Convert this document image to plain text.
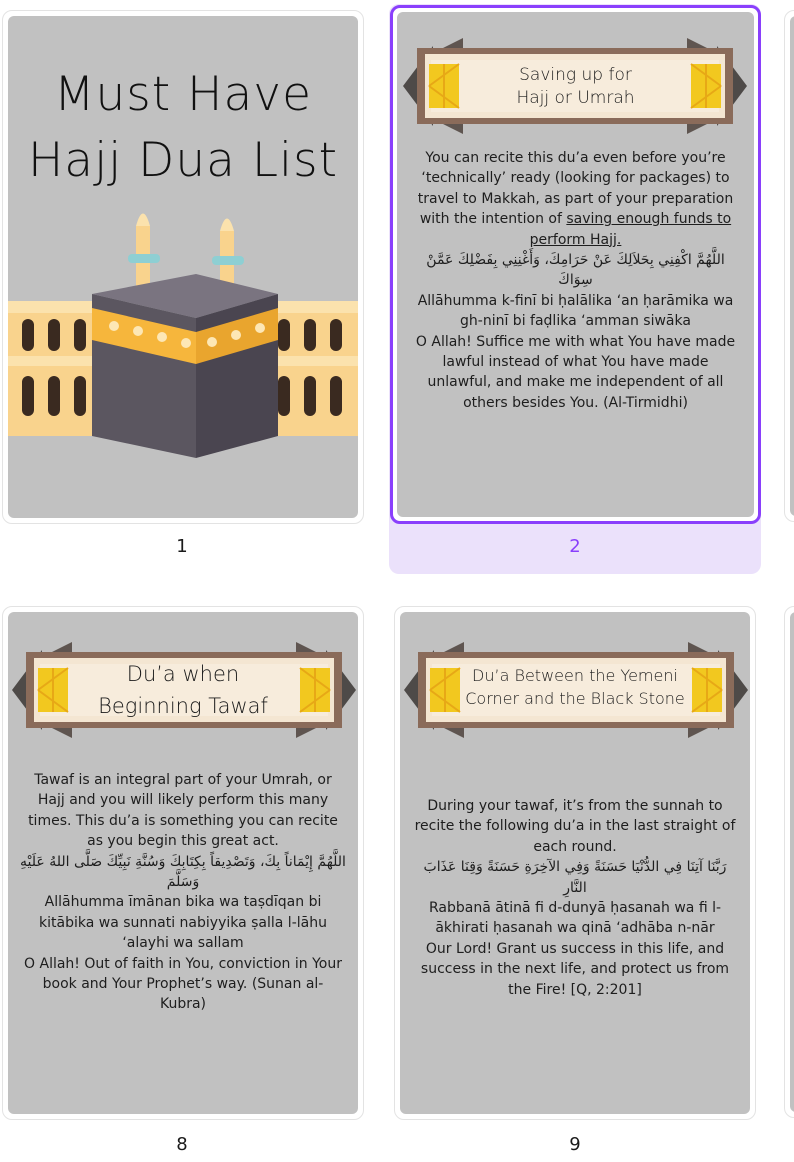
Must Have
Hajj Dua List
1
Saving up for
Hajj or Umrah

You can recite this du’a even before you’re ‘technically’ ready (looking for packages) to travel to Makkah, as part of your preparation with the intention of saving enough funds to perform Hajj.

اللَّهُمَّ اكْفِنِي بِحَلاَلِكَ عَنْ حَرَامِكَ، وَأَغْنِنِي بِفَضْلِكَ عَمَّنْ سِوَاكَ

Allāhumma k-finī bi ḥalālika ‘an ḥarāmika wa gh-ninī bi faḍlika ‘amman siwāka

O Allah! Suffice me with what You have made lawful instead of what You have made unlawful, and make me independent of all others besides You. (Al-Tirmidhi)

2
Du’a when
Beginning Tawaf

Tawaf is an integral part of your Umrah, or Hajj and you will likely perform this many times. This du’a is something you can recite as you begin this great act.

اللَّهُمَّ إِيْمَاناً بِكَ، وَتَصْدِيقاً بِكِتَابِكَ وَسُنَّةِ نَبِيِّكَ صَلَّى اللهُ عَلَيْهِ وَسَلَّمَ

Allāhumma īmānan bika wa taṣdīqan bi kitābika wa sunnati nabiyyika ṣalla l-lāhu ‘alayhi wa sallam

O Allah! Out of faith in You, conviction in Your book and Your Prophet’s way. (Sunan al-Kubra)

8
Du’a Between the Yemeni
Corner and the Black Stone

During your tawaf, it’s from the sunnah to recite the following du’a in the last straight of each round.

رَبَّنَا آتِنَا فِي الدُّنْيَا حَسَنَةً وَفِي الآخِرَةِ حَسَنَةً وَقِنَا عَذَابَ النَّارِ

Rabbanā ātinā fi d-dunyā ḥasanah wa fi l-ākhirati ḥasanah wa qinā ‘adhāba n-nār

Our Lord! Grant us success in this life, and success in the next life, and protect us from the Fire! [Q, 2:201]

9
